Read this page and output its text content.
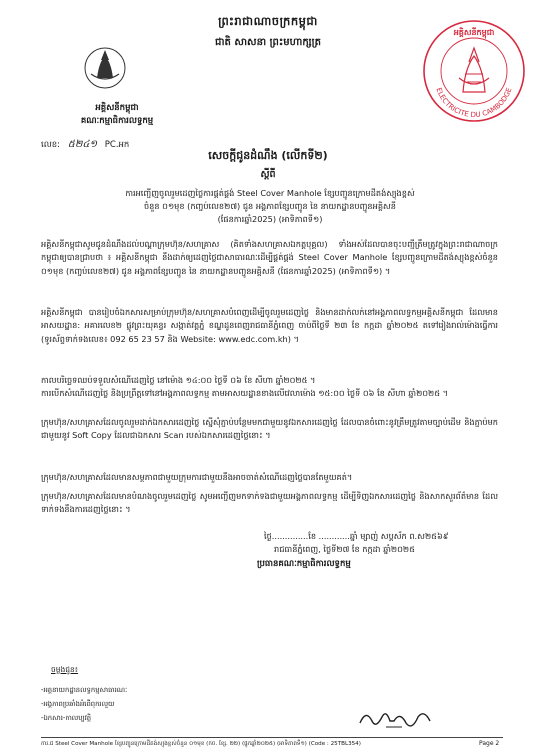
ព្រះរាជាណាចក្រកម្ពុជា
ជាតិ សាសនា ព្រះមហាក្សត្រ
អគ្គិសនីកម្ពុជា
គណៈកម្មាធិការលទ្ធកម្ម
លេខ: ៥២៤១ PC.អក
អគ្គិសនីកម្ពុជា
ELECTRICITE DU CAMBODGE
សេចក្តីជូនដំណឹង (លើកទី២)
ស្តីពី
ការអញ្ជើញចូលរួមដេញថ្លៃការផ្គត់ផ្គង់ Steel Cover Manhole ខ្សែបញ្ជូនក្រោមដីតង់ស្យុងខ្ពស់
ចំនួន ០១មុខ (កញ្ចប់លេខ២៧) ជូន អង្គភាពខ្សែបញ្ជូន នៃ នាយកដ្ឋានបញ្ជូនអគ្គិសនី
(ផែនការឆ្នាំ2025) (អាទិភាពទី១)
អគ្គិសនីកម្ពុជាសូមជូនដំណឹងដល់បណ្តាក្រុមហ៊ុន/សហគ្រាស (គិតទាំងសហគ្រាសឯកត្តបុគ្គល) ទាំងអស់ដែលបានចុះបញ្ជីត្រឹមត្រូវក្នុងព្រះរាជាណាចក្រកម្ពុជាឲ្យបានជ្រាបថា ៖ អគ្គិសនីកម្ពុជា នឹងដាក់ឲ្យដេញថ្លៃជាសាធារណៈដើម្បីផ្គត់ផ្គង់ Steel Cover Manhole ខ្សែបញ្ជូនក្រោមដីតង់ស្យុងខ្ពស់ចំនួន ០១មុខ (កញ្ចប់លេខ២៧) ជូន អង្គភាពខ្សែបញ្ជូន នៃ នាយកដ្ឋានបញ្ជូនអគ្គិសនី (ផែនការឆ្នាំ2025) (អាទិភាពទី១) ។
អគ្គិសនីកម្ពុជា បានរៀបចំឯកសារសម្រាប់ក្រុមហ៊ុន/សហគ្រាសបំពេញដើម្បីចូលរួមដេញថ្លៃ និងមានដាក់លក់នៅអង្គភាពលទ្ធកម្មអគ្គិសនីកម្ពុជា ដែលមានអាសយដ្ឋាន: អគារលេខ២ ផ្លូវព្រះយុគន្ធរ សង្កាត់វត្តភ្នំ ខណ្ឌដូនពេញរាជធានីភ្នំពេញ ចាប់ពីថ្ងៃទី ២៣ ខែ កក្កដា ឆ្នាំ២០២៥ តទៅរៀងរាល់ម៉ោងធ្វើការ (ទូរស័ព្ទទាក់ទងលេខ៖ 092 65 23 57 និង Website: www.edc.com.kh) ។
កាលបរិច្ឆេទឈប់ទទួលសំណើដេញថ្លៃ នៅម៉ោង ១៤:០០ ថ្ងៃទី ០៦ ខែ សីហា ឆ្នាំ២០២៥ ។
ការបើកសំណើដេញថ្លៃ និងប្រព្រឹត្តទៅនៅអង្គភាពលទ្ធកម្ម តាមអាសយដ្ឋានខាងលើវេលាម៉ោង ១៥:០០ ថ្ងៃទី ០៦ ខែ សីហា ឆ្នាំ២០២៥ ។
ក្រុមហ៊ុន/សហគ្រាសដែលចូលរួមដាក់ឯកសារដេញថ្លៃ ស្នើសុំភ្ជាប់បន្ថែមមកជាមួយនូវឯកសារដេញថ្លៃ ដែលបានចំពោះនូវត្រឹមត្រូវតាមច្បាប់ដើម និងភ្ជាប់មកជាមួយនូវ Soft Copy ដែលជាឯកសារ Scan របស់ឯកសារដេញថ្លៃនោះ ។
ក្រុមហ៊ុន/សហគ្រាសដែលមានសម្ថភាពជាមួយក្រុមការជាមួយនឹងអាចចាត់សំណើដេញថ្លៃបានតែមួយគត់។
ក្រុមហ៊ុន/សហគ្រាសដែលមានបំណងចូលរួមដេញថ្លៃ សូមអញ្ជើញមកទាក់ទងជាមួយអង្គភាពលទ្ធកម្ម ដើម្បីទិញឯកសារដេញថ្លៃ និងសាកសួរព័ត៌មាន ដែលទាក់ទងនឹងការដេញថ្លៃនោះ ។
ថ្ងៃ..............ខែ ............ឆ្នាំ ម្សាញ់ សប្តស័ក ព.ស២៥៦៩
រាជធានីភ្នំពេញ, ថ្ងៃទី២៧ ខែ កក្កដា ឆ្នាំ២០២៥
ប្រធានគណៈកម្មាធិការលទ្ធកម្ម
ចម្លងជូន៖
-អគ្គនាយកដ្ឋានលទ្ធកម្មសាធារណៈ
-អង្គភាពប្រឆាំងអំពើពុករលួយ
-ឯកសារ-កាលប្បវត្តិ
ការ.ជ Steel Cover Manhole ខ្សែបញ្ជូនក្រោមដីតង់ស្យុងខ្ពស់ចំនួន ០១មុខ (កច. ខ្សែ. ២២) (ផ្ទុកឆ្នាំ២០២៥) (អាទិភាពទី១) (Code : 25TBL354)	Page 2
